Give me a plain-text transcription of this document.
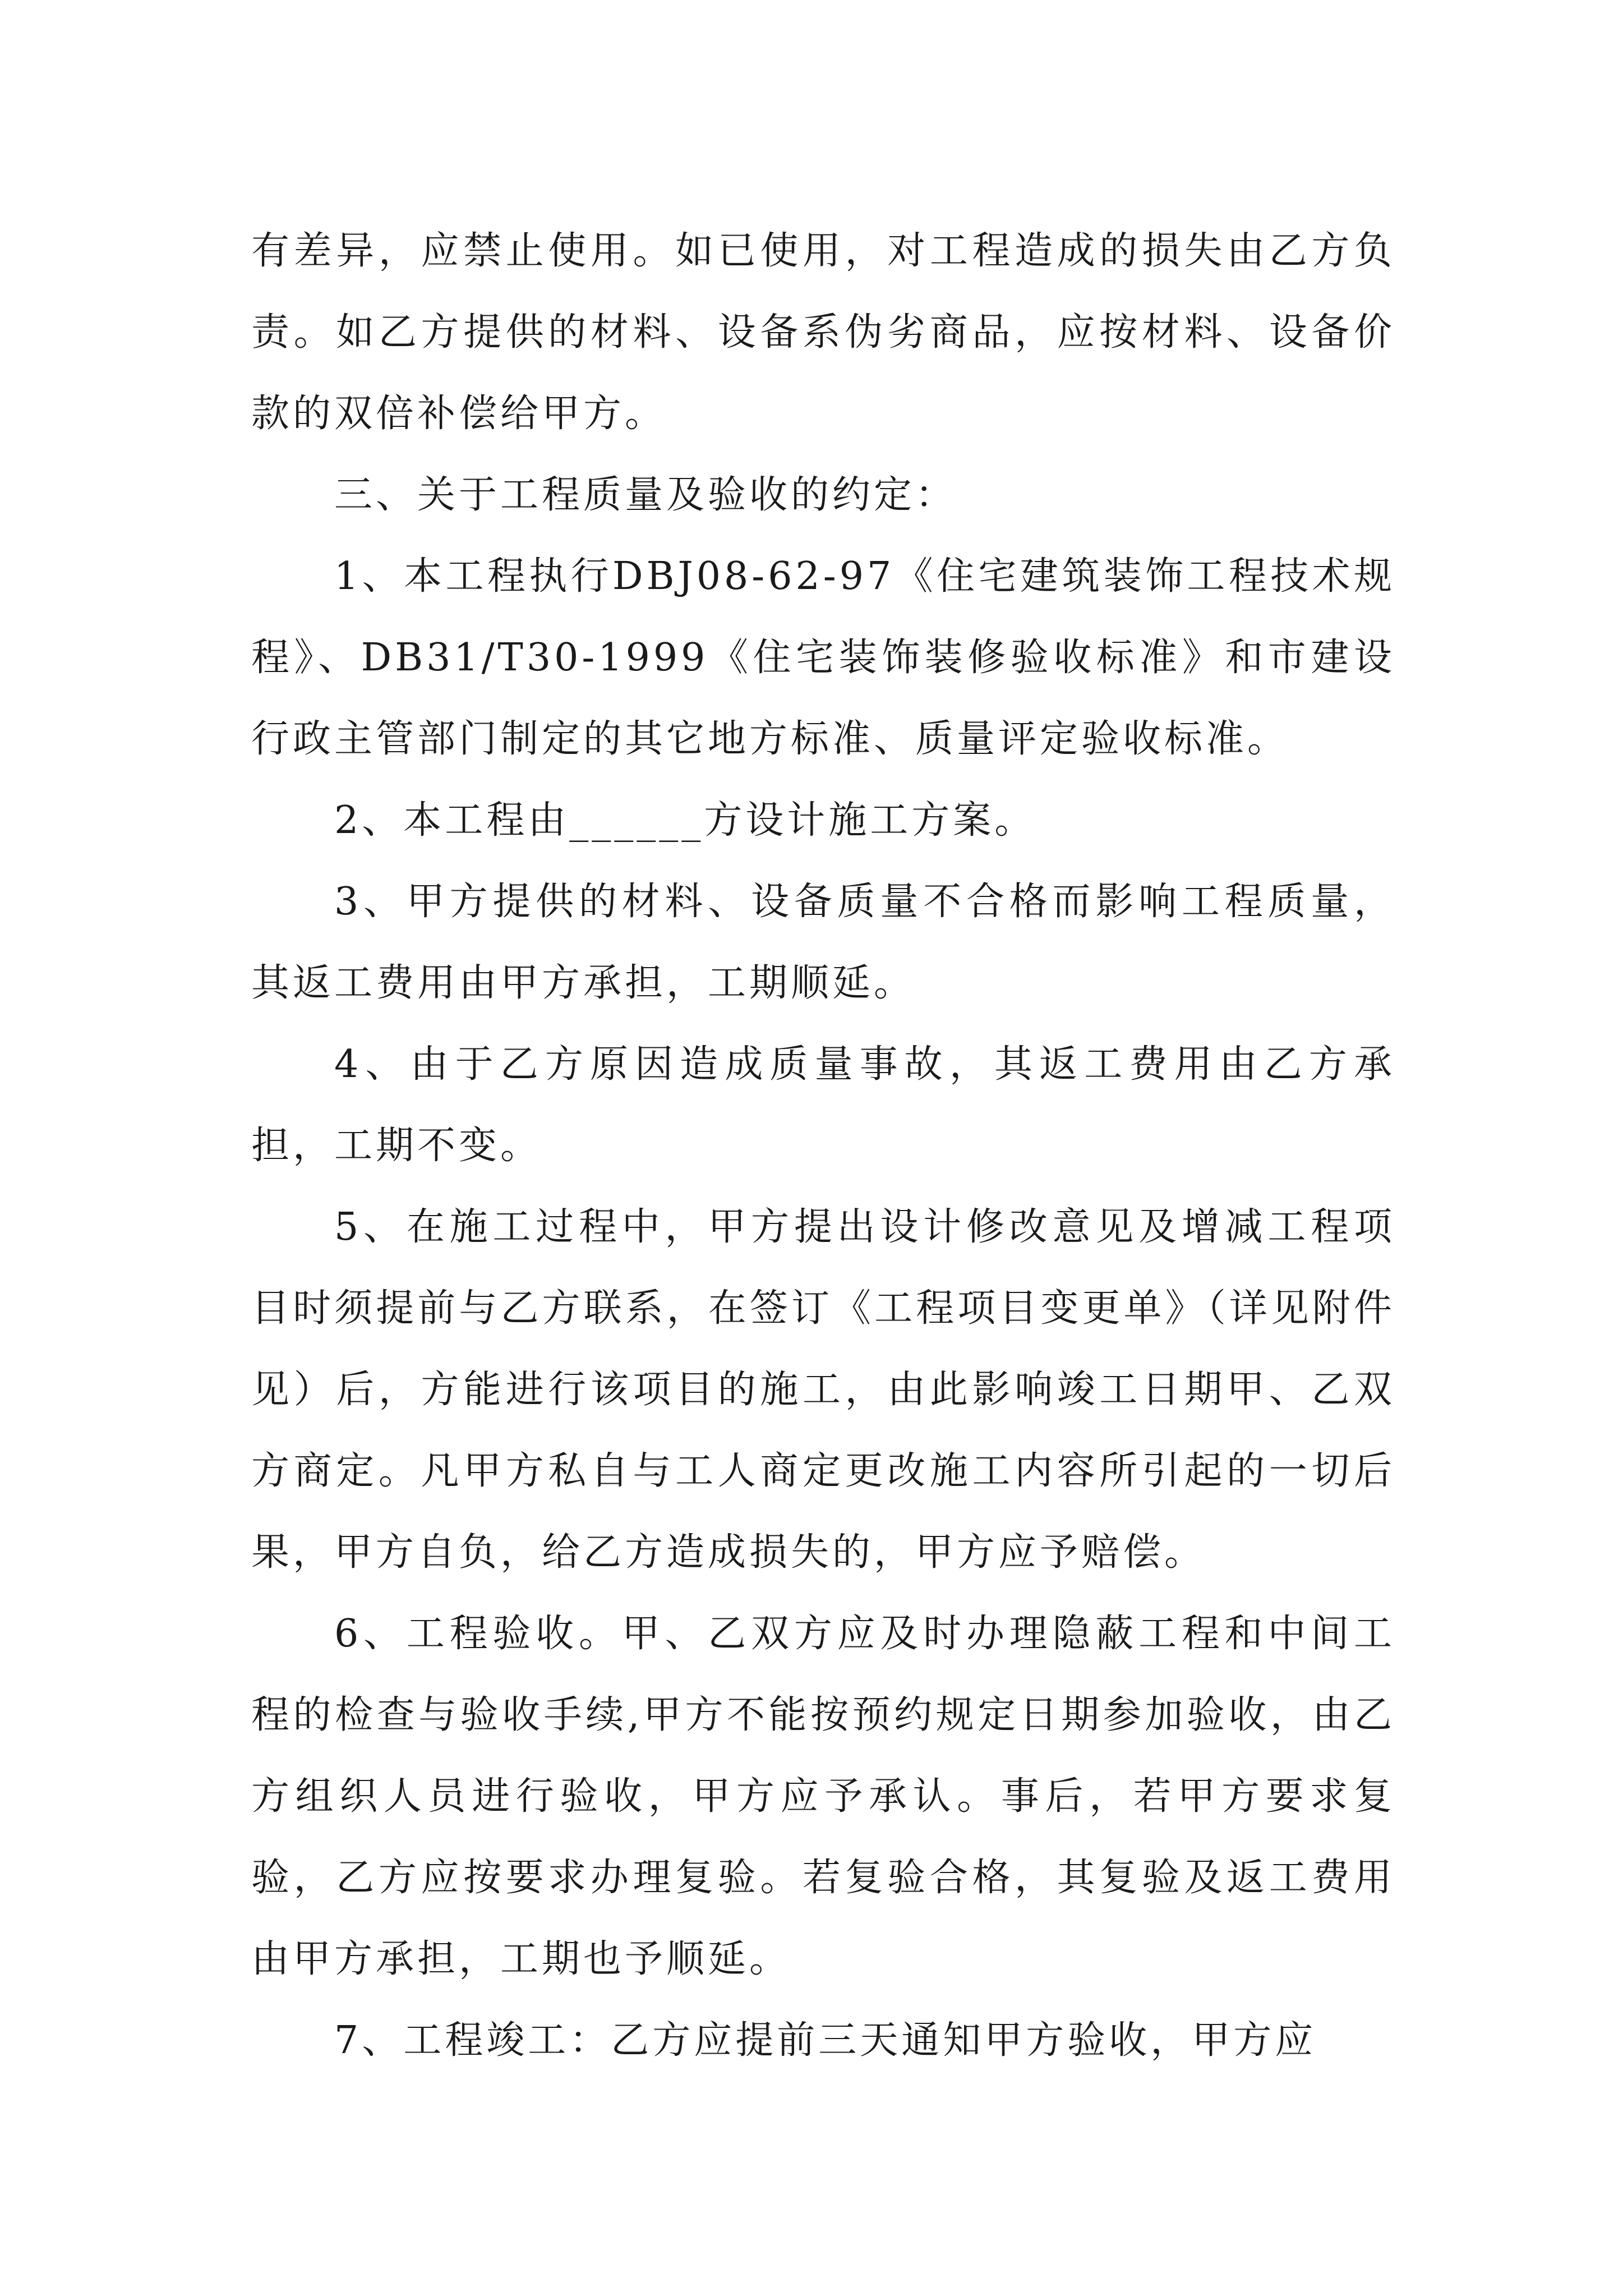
有差异，应禁止使用。如已使用，对工程造成的损失由乙方负责。如乙方提供的材料、设备系伪劣商品，应按材料、设备价款的双倍补偿给甲方。

三、关于工程质量及验收的约定：

1、本工程执行DBJ08-62-97《住宅建筑装饰工程技术规程》、DB31/T30-1999《住宅装饰装修验收标准》和市建设行政主管部门制定的其它地方标准、质量评定验收标准。

2、本工程由______方设计施工方案。

3、甲方提供的材料、设备质量不合格而影响工程质量，其返工费用由甲方承担，工期顺延。

4、由于乙方原因造成质量事故，其返工费用由乙方承担，工期不变。

5、在施工过程中，甲方提出设计修改意见及增减工程项目时须提前与乙方联系，在签订《工程项目变更单》（详见附件见）后，方能进行该项目的施工，由此影响竣工日期甲、乙双方商定。凡甲方私自与工人商定更改施工内容所引起的一切后果，甲方自负，给乙方造成损失的，甲方应予赔偿。

6、工程验收。甲、乙双方应及时办理隐蔽工程和中间工程的检查与验收手续,甲方不能按预约规定日期参加验收，由乙方组织人员进行验收，甲方应予承认。事后，若甲方要求复验，乙方应按要求办理复验。若复验合格，其复验及返工费用由甲方承担，工期也予顺延。

7、工程竣工：乙方应提前三天通知甲方验收，甲方应
